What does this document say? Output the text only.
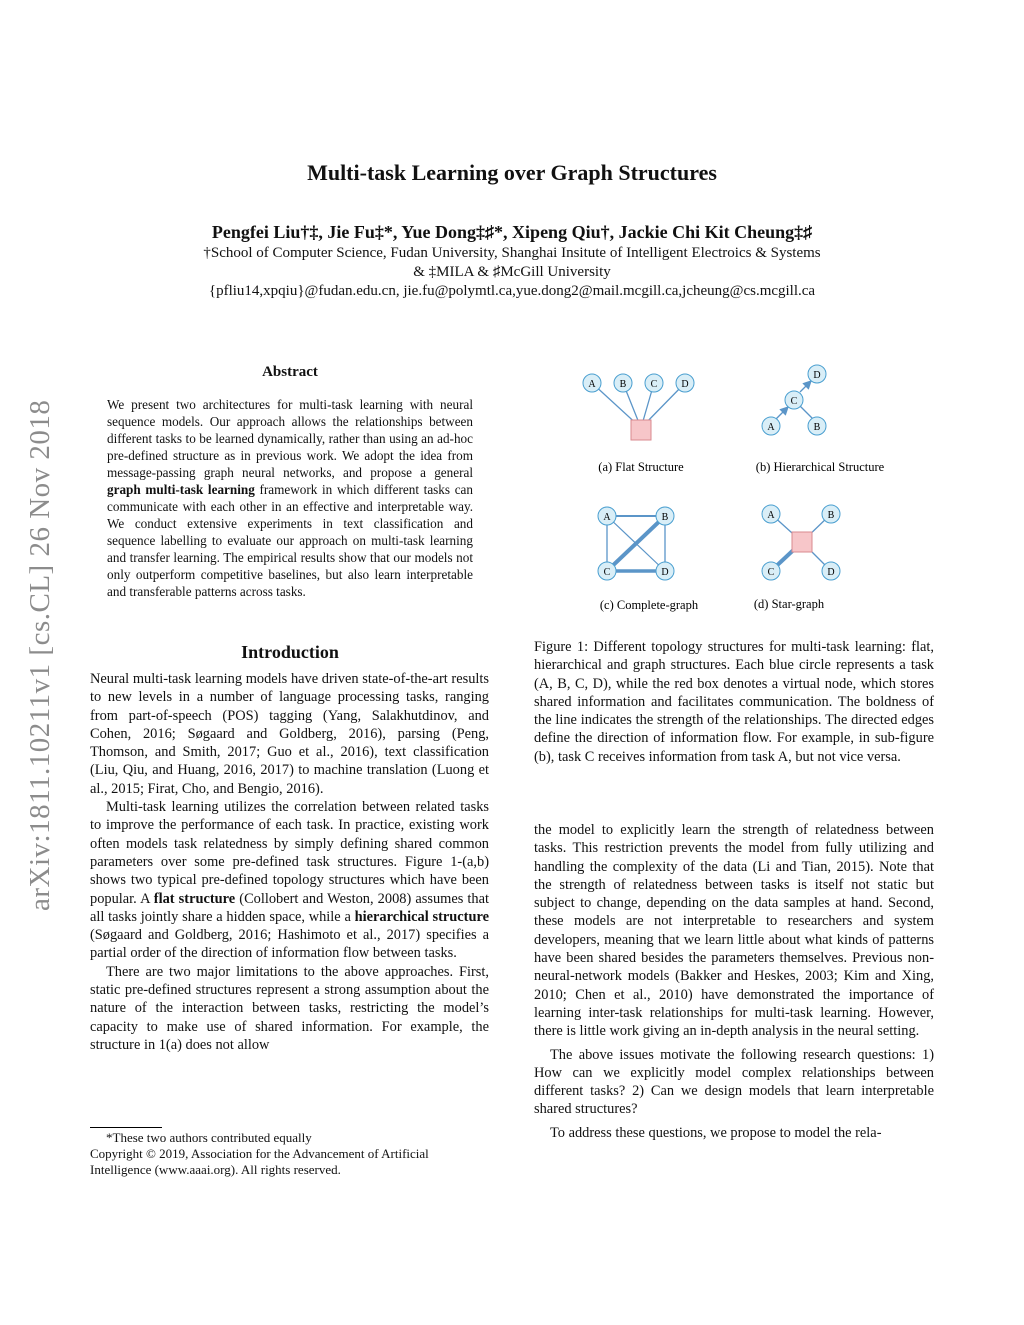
arXiv:1811.10211v1 [cs.CL] 26 Nov 2018
Multi-task Learning over Graph Structures
Pengfei Liu†‡, Jie Fu‡*, Yue Dong‡♯*, Xipeng Qiu†, Jackie Chi Kit Cheung‡♯
†School of Computer Science, Fudan University, Shanghai Insitute of Intelligent Electroics & Systems
& ‡MILA & ♯McGill University
{pfliu14,xpqiu}@fudan.edu.cn, jie.fu@polymtl.ca,yue.dong2@mail.mcgill.ca,jcheung@cs.mcgill.ca
Abstract
We present two architectures for multi-task learning with neural sequence models. Our approach allows the relationships between different tasks to be learned dynamically, rather than using an ad-hoc pre-defined structure as in previous work. We adopt the idea from message-passing graph neural networks, and propose a general graph multi-task learning framework in which different tasks can communicate with each other in an effective and interpretable way. We conduct extensive experiments in text classification and sequence labelling to evaluate our approach on multi-task learning and transfer learning. The empirical results show that our models not only outperform competitive baselines, but also learn interpretable and transferable patterns across tasks.
Introduction

Neural multi-task learning models have driven state-of-the-art results to new levels in a number of language processing tasks, ranging from part-of-speech (POS) tagging (Yang, Salakhutdinov, and Cohen, 2016; Søgaard and Goldberg, 2016), parsing (Peng, Thomson, and Smith, 2017; Guo et al., 2016), text classification (Liu, Qiu, and Huang, 2016, 2017) to machine translation (Luong et al., 2015; Firat, Cho, and Bengio, 2016).

Multi-task learning utilizes the correlation between related tasks to improve the performance of each task. In practice, existing work often models task relatedness by simply defining shared common parameters over some pre-defined task structures. Figure 1-(a,b) shows two typical pre-defined topology structures which have been popular. A flat structure (Collobert and Weston, 2008) assumes that all tasks jointly share a hidden space, while a hierarchical structure (Søgaard and Goldberg, 2016; Hashimoto et al., 2017) specifies a partial order of the direction of information flow between tasks.

There are two major limitations to the above approaches. First, static pre-defined structures represent a strong assumption about the nature of the interaction between tasks, restricting the model’s capacity to make use of shared information. For example, the structure in 1(a) does not allow

*These two authors contributed equally
Copyright © 2019, Association for the Advancement of Artificial Intelligence (www.aaai.org). All rights reserved.
A B C D
(a) Flat Structure
D
C
A	B
(b) Hierarchical Structure
A	B
C	D
(c) Complete-graph
A	B
C	D
(d) Star-graph
Figure 1: Different topology structures for multi-task learning: flat, hierarchical and graph structures. Each blue circle represents a task (A, B, C, D), while the red box denotes a virtual node, which stores shared information and facilitates communication. The boldness of the line indicates the strength of the relationships. The directed edges define the direction of information flow. For example, in sub-figure (b), task C receives information from task A, but not vice versa.

the model to explicitly learn the strength of relatedness between tasks. This restriction prevents the model from fully utilizing and handling the complexity of the data (Li and Tian, 2015). Note that the strength of relatedness between tasks is itself not static but subject to change, depending on the data samples at hand. Second, these models are not interpretable to researchers and system developers, meaning that we learn little about what kinds of patterns have been shared besides the parameters themselves. Previous non-neural-network models (Bakker and Heskes, 2003; Kim and Xing, 2010; Chen et al., 2010) have demonstrated the importance of learning inter-task relationships for multi-task learning. However, there is little work giving an in-depth analysis in the neural setting.

The above issues motivate the following research questions: 1) How can we explicitly model complex relationships between different tasks? 2) Can we design models that learn interpretable shared structures?

To address these questions, we propose to model the rela-
